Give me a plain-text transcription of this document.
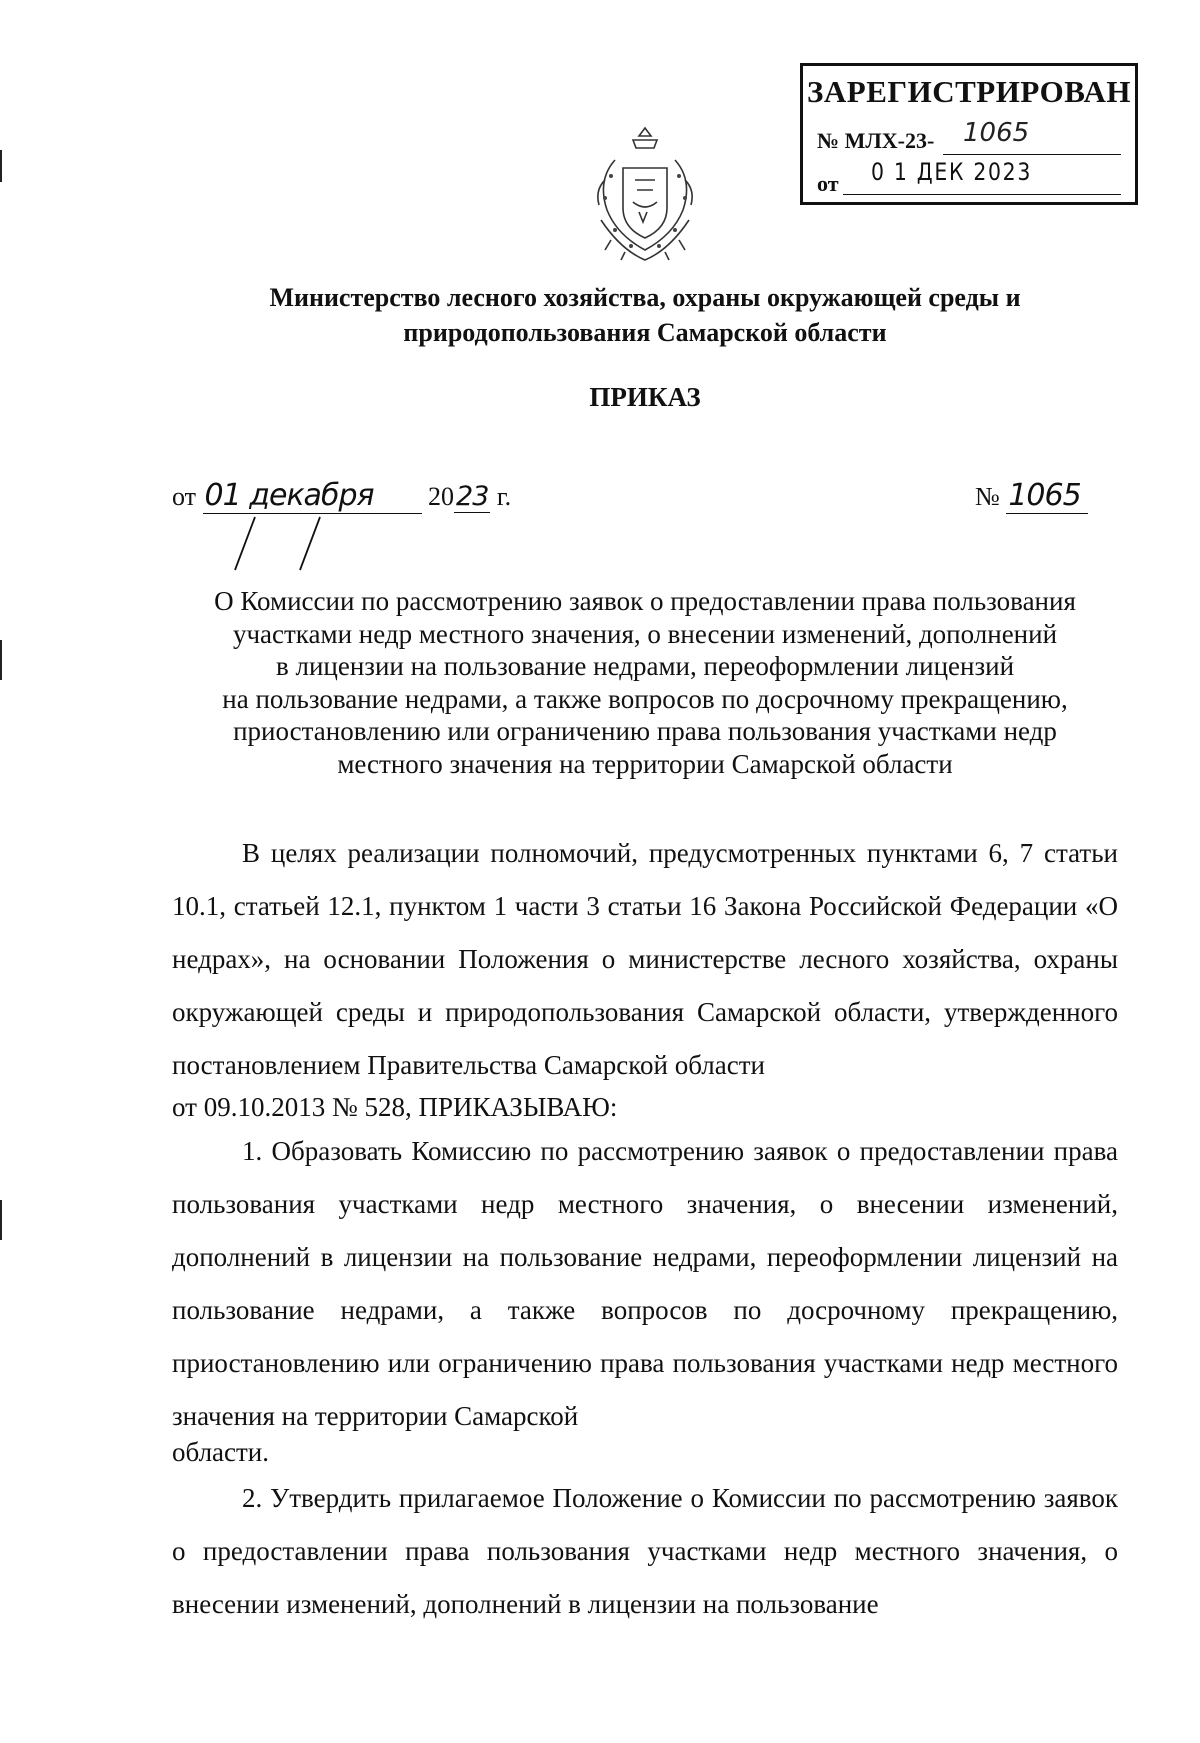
ЗАРЕГИСТРИРОВАН
№ МЛХ-23- 1065
от 0 1 ДЕК 2023
Министерство лесного хозяйства, охраны окружающей среды и
природопользования Самарской области
ПРИКАЗ
от 01 декабря 2023 г.	№ 1065
О Комиссии по рассмотрению заявок о предоставлении права пользования
участками недр местного значения, о внесении изменений, дополнений
в лицензии на пользование недрами, переоформлении лицензий
на пользование недрами, а также вопросов по досрочному прекращению,
приостановлению или ограничению права пользования участками недр
местного значения на территории Самарской области
В целях реализации полномочий, предусмотренных пунктами 6, 7 статьи 10.1, статьей 12.1, пунктом 1 части 3 статьи 16 Закона Российской Федерации «О недрах», на основании Положения о министерстве лесного хозяйства, охраны окружающей среды и природопользования Самарской области, утвержденного постановлением Правительства Самарской области
от 09.10.2013 № 528, ПРИКАЗЫВАЮ:
1. Образовать Комиссию по рассмотрению заявок о предоставлении права пользования участками недр местного значения, о внесении изменений, дополнений в лицензии на пользование недрами, переоформлении лицензий на пользование недрами, а также вопросов по досрочному прекращению, приостановлению или ограничению права пользования участками недр местного значения на территории Самарской
области.
2. Утвердить прилагаемое Положение о Комиссии по рассмотрению заявок о предоставлении права пользования участками недр местного значения, о внесении изменений, дополнений в лицензии на пользование
